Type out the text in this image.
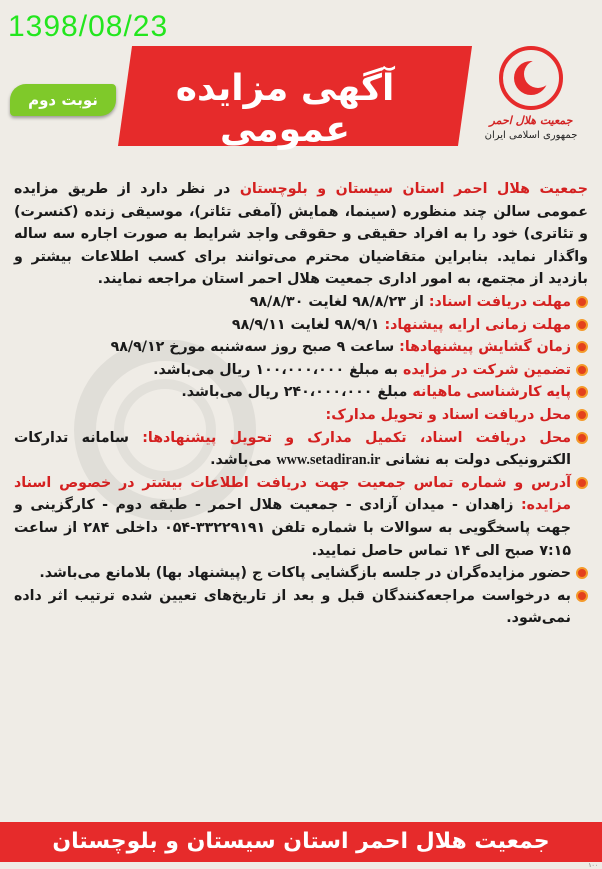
1398/08/23
آگهی مزایده عمومی
نوبت دوم
جمعیت هلال احمر
جمهوری اسلامی ایران

جمعیت هلال احمر استان سیستان و بلوچستان در نظر دارد از طریق مزایده عمومی سالن چند منظوره (سینما، همایش (آمفی تئاتر)، موسیقی زنده (کنسرت) و تئاتری) خود را به افراد حقیقی و حقوقی واجد شرایط به صورت اجاره سه ساله واگذار نماید. بنابراین متقاضیان محترم می‌توانند برای کسب اطلاعات بیشتر و بازدید از مجتمع، به امور اداری جمعیت هلال احمر استان مراجعه نمایند.

مهلت دریافت اسناد: از ۹۸/۸/۲۳ لغایت ۹۸/۸/۳۰
مهلت زمانی ارایه پیشنهاد: ۹۸/۹/۱ لغایت ۹۸/۹/۱۱
زمان گشایش پیشنهادها: ساعت ۹ صبح روز سه‌شنبه مورخ ۹۸/۹/۱۲
تضمین شرکت در مزایده به مبلغ ۱۰۰،۰۰۰،۰۰۰ ریال می‌باشد.
پایه کارشناسی ماهیانه مبلغ ۲۴۰،۰۰۰،۰۰۰ ریال می‌باشد.
محل دریافت اسناد و تحویل مدارک:
محل دریافت اسناد، تکمیل مدارک و تحویل پیشنهادها: سامانه تدارکات الکترونیکی دولت به نشانی www.setadiran.ir می‌باشد.
آدرس و شماره تماس جمعیت جهت دریافت اطلاعات بیشتر در خصوص اسناد مزایده: زاهدان - میدان آزادی - جمعیت هلال احمر - طبقه دوم - کارگزینی و جهت پاسخگویی به سوالات با شماره تلفن ۳۳۲۲۹۱۹۱-۰۵۴ داخلی ۲۸۴ از ساعت ۷:۱۵ صبح الی ۱۴ تماس حاصل نمایید.
حضور مزایده‌گران در جلسه بازگشایی پاکات ج (پیشنهاد بها) بلامانع می‌باشد.
به درخواست مراجعه‌کنندگان قبل و بعد از تاریخ‌های تعیین شده ترتیب اثر داده نمی‌شود.
جمعیت هلال احمر استان سیستان و بلوچستان
۱۰۰
